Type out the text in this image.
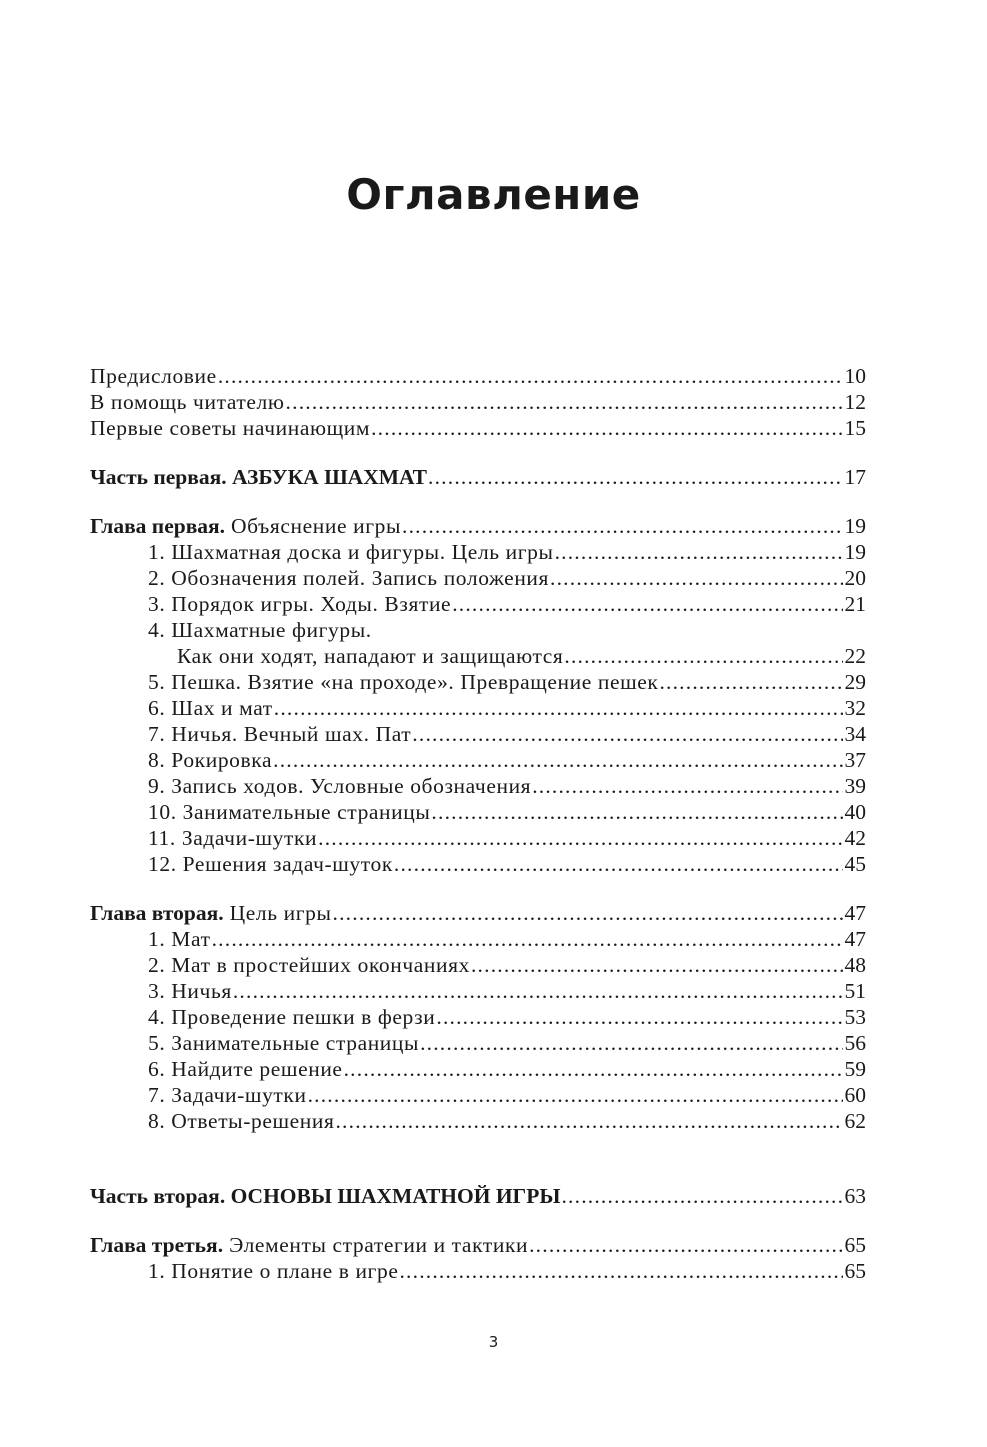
Оглавление
Предисловие .....	10
В помощь читателю .....	12
Первые советы начинающим .....	15
Часть первая. АЗБУКА ШАХМАТ .....	17
Глава первая. Объяснение игры .....	19
1. Шахматная доска и фигуры. Цель игры .....	19
2. Обозначения полей. Запись положения .....	20
3. Порядок игры. Ходы. Взятие .....	21
4. Шахматные фигуры.
Как они ходят, нападают и защищаются .....	22
5. Пешка. Взятие «на проходе». Превращение пешек .....	29
6. Шах и мат .....	32
7. Ничья. Вечный шах. Пат .....	34
8. Рокировка .....	37
9. Запись ходов. Условные обозначения .....	39
10. Занимательные страницы .....	40
11. Задачи-шутки .....	42
12. Решения задач-шуток .....	45
Глава вторая. Цель игры .....	47
1. Мат .....	47
2. Мат в простейших окончаниях .....	48
3. Ничья .....	51
4. Проведение пешки в ферзи .....	53
5. Занимательные страницы .....	56
6. Найдите решение .....	59
7. Задачи-шутки .....	60
8. Ответы-решения .....	62
Часть вторая. ОСНОВЫ ШАХМАТНОЙ ИГРЫ .....	63
Глава третья. Элементы стратегии и тактики .....	65
1. Понятие о плане в игре .....	65
3
